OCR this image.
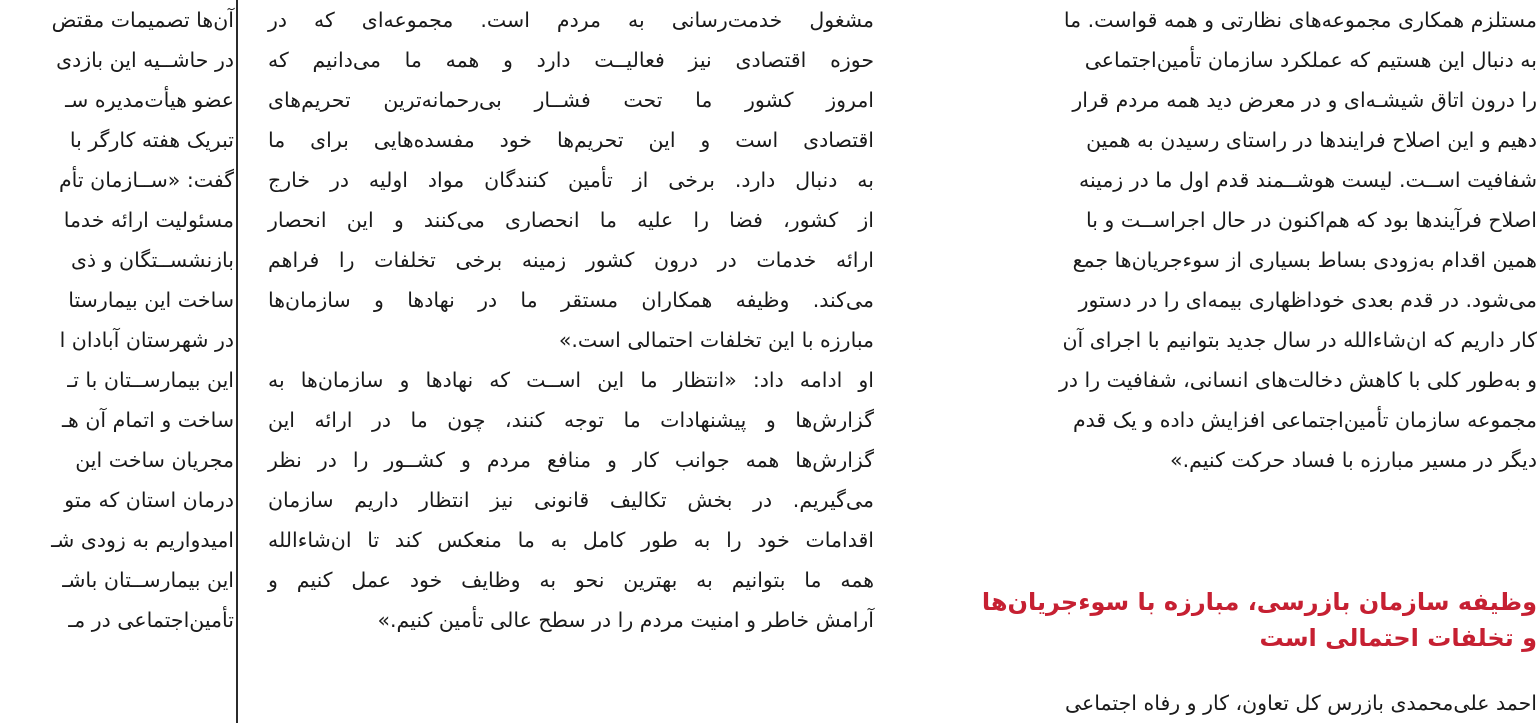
مستلزم همکاری مجموعه‌های نظارتی و همه قواست. ما
به دنبال این هستیم که عملکرد سازمان تأمین‌اجتماعی
را درون اتاق شیشـه‌ای و در معرض دید همه مردم قرار
دهیم و این اصلاح فرایندها در راستای رسیدن به همین
شفافیت اســت. لیست هوشــمند قدم اول ما در زمینه
اصلاح فرآیندها بود که هم‌اکنون در حال اجراســت و با
همین اقدام به‌زودی بساط بسیاری از سوءجریان‌ها جمع
می‌شود. در قدم بعدی خوداظهاری بیمه‌ای را در دستور
کار داریم که ان‌شاءالله در سال جدید بتوانیم با اجرای آن
و به‌طور کلی با کاهش دخالت‌های انسانی، شفافیت را در
مجموعه سازمان تأمین‌اجتماعی افزایش داده و یک قدم
دیگر در مسیر مبارزه با فساد حرکت کنیم.»
وظیفه سازمان بازرسی، مبارزه با سوءجریان‌ها
و تخلفات احتمالی است
احمد علی‌محمدی بازرس کل تعاون، کار و رفاه اجتماعی
مشغول خدمت‌رسانی به مردم است. مجموعه‌ای که در
حوزه اقتصادی نیز فعالیــت دارد و همه ما می‌دانیم که
امروز کشور ما تحت فشــار بی‌رحمانه‌ترین تحریم‌های
اقتصادی است و این تحریم‌ها خود مفسده‌هایی برای ما
به دنبال دارد. برخی از تأمین کنندگان مواد اولیه در خارج
از کشور، فضا را علیه ما انحصاری می‌کنند و این انحصار
ارائه خدمات در درون کشور زمینه برخی تخلفات را فراهم
می‌کند. وظیفه همکاران مستقر ما در نهادها و سازمان‌ها
مبارزه با این تخلفات احتمالی است.»
او ادامه داد: «انتظار ما این اســت که نهادها و سازمان‌ها به
گزارش‌ها و پیشنهادات ما توجه کنند، چون ما در ارائه این
گزارش‌ها همه جوانب کار و منافع مردم و کشــور را در نظر
می‌گیریم. در بخش تکالیف قانونی نیز انتظار داریم سازمان
اقدامات خود را به طور کامل به ما منعکس کند تا ان‌شاءالله
همه ما بتوانیم به بهترین نحو به وظایف خود عمل کنیم و
آرامش خاطر و امنیت مردم را در سطح عالی تأمین کنیم.»
آن‌ها تصمیمات مقتض
در حاشــیه این بازدی
عضو هیأت‌مدیره سـ
تبریک هفته کارگر با
گفت: «ســازمان تأم
مسئولیت ارائه خدما
بازنشســتگان و ذی
ساخت این بیمارستا
در شهرستان آبادان ا
این بیمارســتان با تـ
ساخت و اتمام آن هـ
مجریان ساخت این
درمان استان که متو
امیدواریم به زودی شـ
این بیمارســتان باشـ
تأمین‌اجتماعی در مـ
